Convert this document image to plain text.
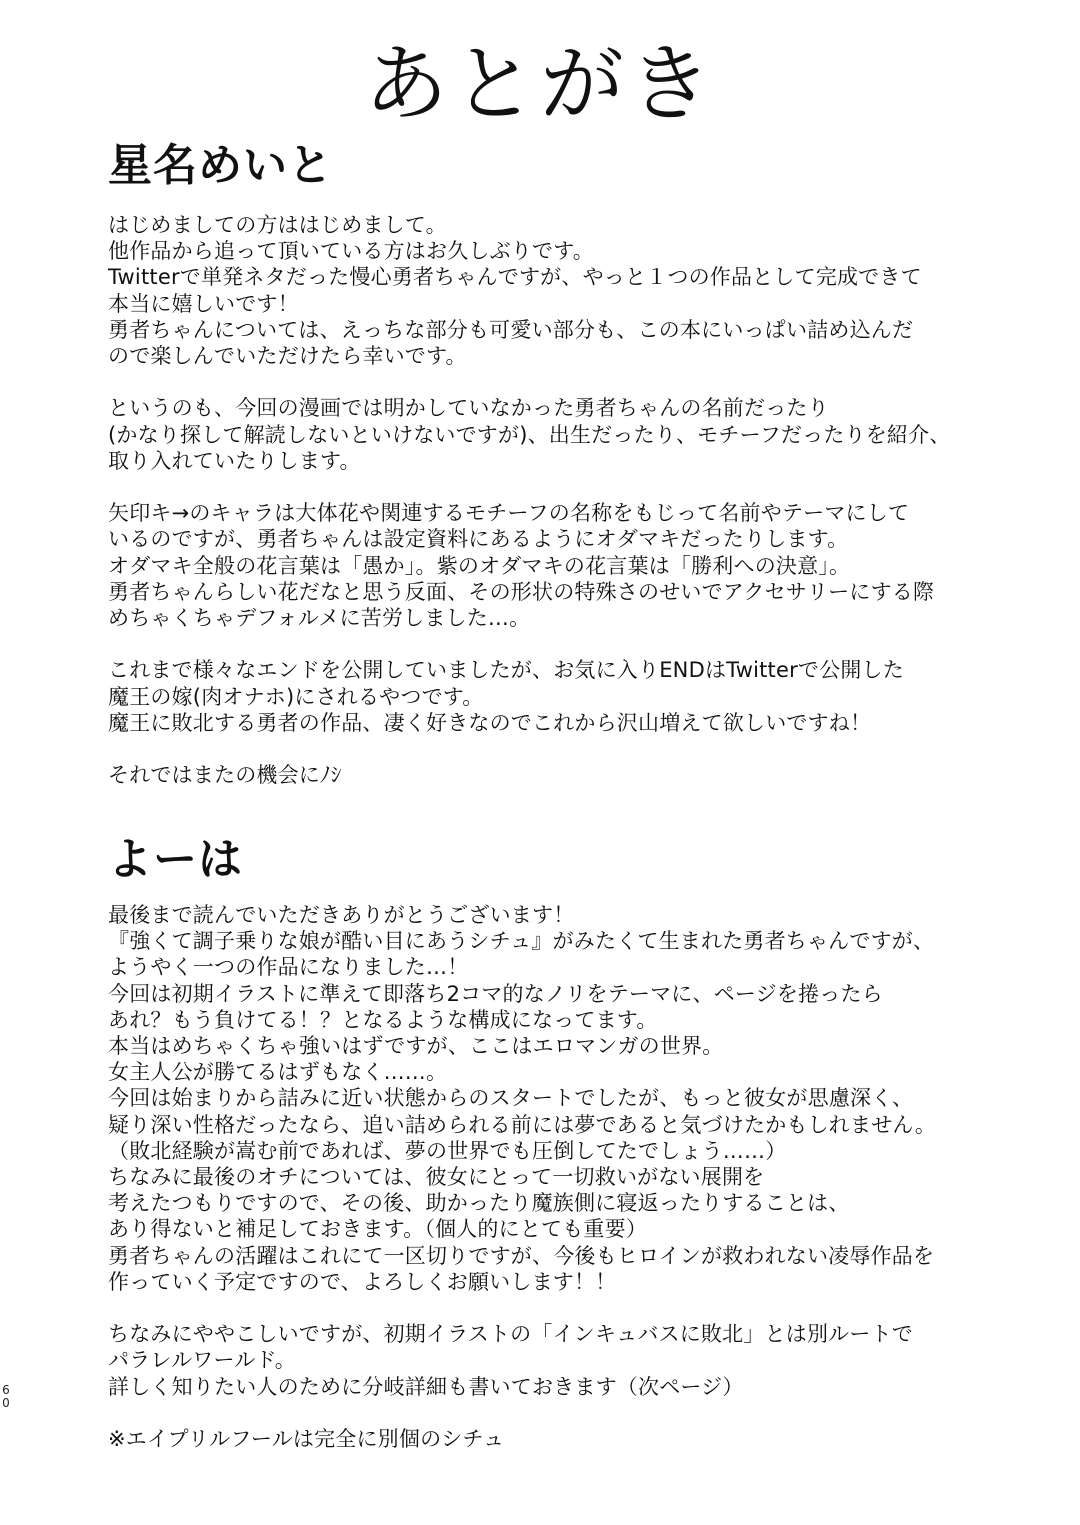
あとがき
星名めいと
はじめましての方ははじめまして。
他作品から追って頂いている方はお久しぶりです。
Twitterで単発ネタだった慢心勇者ちゃんですが、やっと１つの作品として完成できて
本当に嬉しいです！
勇者ちゃんについては、えっちな部分も可愛い部分も、この本にいっぱい詰め込んだ
ので楽しんでいただけたら幸いです。

というのも、今回の漫画では明かしていなかった勇者ちゃんの名前だったり
(かなり探して解読しないといけないですが)、出生だったり、モチーフだったりを紹介、
取り入れていたりします。

矢印キ→のキャラは大体花や関連するモチーフの名称をもじって名前やテーマにして
いるのですが、勇者ちゃんは設定資料にあるようにオダマキだったりします。
オダマキ全般の花言葉は「愚か」。紫のオダマキの花言葉は「勝利への決意」。
勇者ちゃんらしい花だなと思う反面、その形状の特殊さのせいでアクセサリーにする際
めちゃくちゃデフォルメに苦労しました…。

これまで様々なエンドを公開していましたが、お気に入りENDはTwitterで公開した
魔王の嫁(肉オナホ)にされるやつです。
魔王に敗北する勇者の作品、凄く好きなのでこれから沢山増えて欲しいですね！

それではまたの機会にﾉｼ
よーは
最後まで読んでいただきありがとうございます！
『強くて調子乗りな娘が酷い目にあうシチュ』がみたくて生まれた勇者ちゃんですが、
ようやく一つの作品になりました…！
今回は初期イラストに準えて即落ち2コマ的なノリをテーマに、ページを捲ったら
あれ？もう負けてる！？となるような構成になってます。
本当はめちゃくちゃ強いはずですが、ここはエロマンガの世界。
女主人公が勝てるはずもなく……。
今回は始まりから詰みに近い状態からのスタートでしたが、もっと彼女が思慮深く、
疑り深い性格だったなら、追い詰められる前には夢であると気づけたかもしれません。
（敗北経験が嵩む前であれば、夢の世界でも圧倒してたでしょう……）
ちなみに最後のオチについては、彼女にとって一切救いがない展開を
考えたつもりですので、その後、助かったり魔族側に寝返ったりすることは、
あり得ないと補足しておきます。（個人的にとても重要）
勇者ちゃんの活躍はこれにて一区切りですが、今後もヒロインが救われない凌辱作品を
作っていく予定ですので、よろしくお願いします！！

ちなみにややこしいですが、初期イラストの「インキュバスに敗北」とは別ルートで
パラレルワールド。
詳しく知りたい人のために分岐詳細も書いておきます（次ページ）

※エイプリルフールは完全に別個のシチュ
6
0
